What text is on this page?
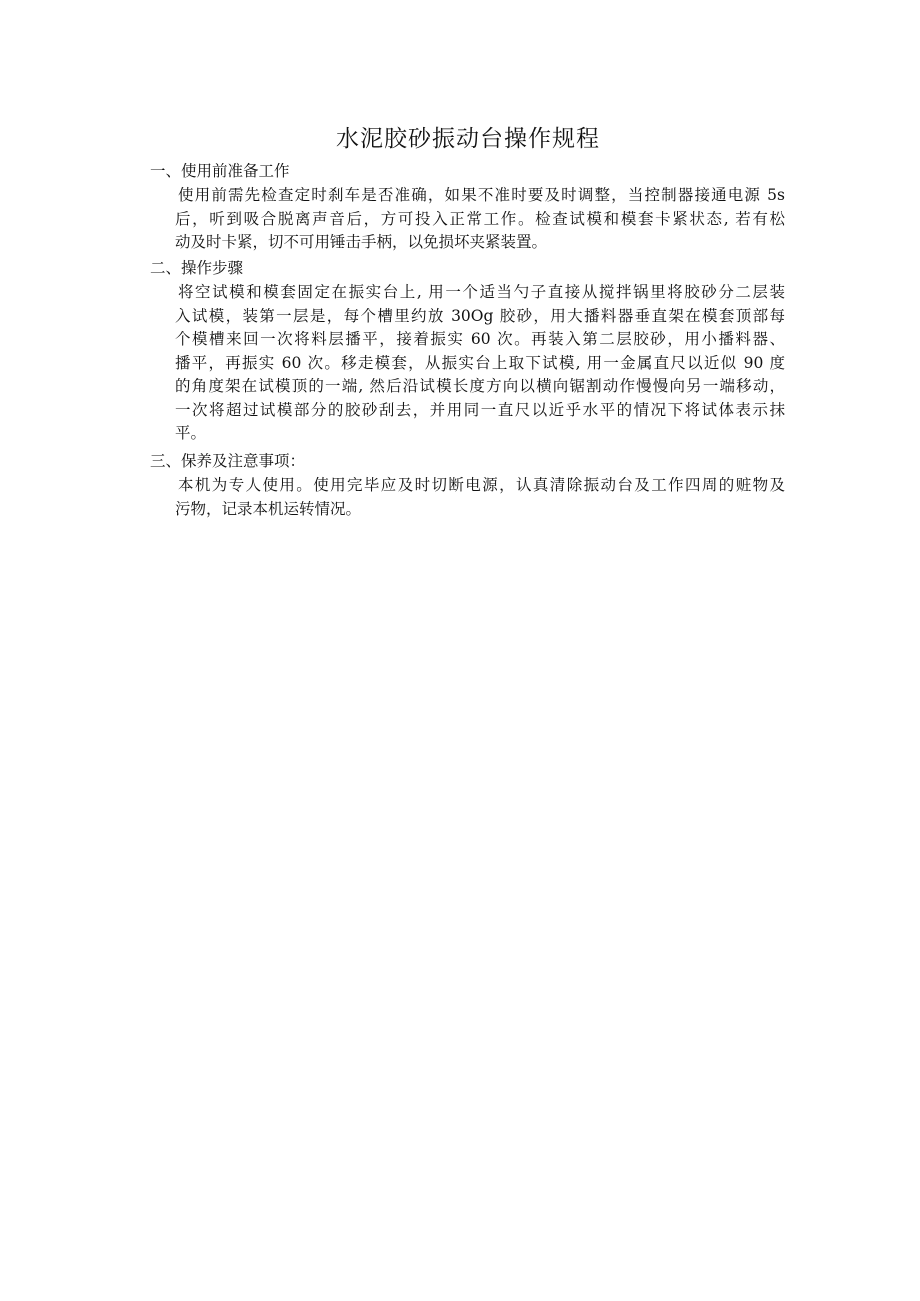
水泥胶砂振动台操作规程
一、使用前准备工作
使用前需先检查定时刹车是否准确，如果不准时要及时调整，当控制器接通电源 5s
后，听到吸合脱离声音后，方可投入正常工作。检查试模和模套卡紧状态, 若有松
动及时卡紧，切不可用锤击手柄，以免损坏夹紧装置。
二、操作步骤
将空试模和模套固定在振实台上, 用一个适当勺子直接从搅拌锅里将胶砂分二层装
入试模，装第一层是，每个槽里约放 30Og 胶砂，用大播料器垂直架在模套顶部每
个模槽来回一次将料层播平，接着振实 60 次。再装入第二层胶砂，用小播料器、
播平，再振实 60 次。移走模套，从振实台上取下试模, 用一金属直尺以近似 90 度
的角度架在试模顶的一端, 然后沿试模长度方向以横向锯割动作慢慢向另一端移动，
一次将超过试模部分的胶砂刮去，并用同一直尺以近乎水平的情况下将试体表示抹
平。
三、保养及注意事项：
本机为专人使用。使用完毕应及时切断电源，认真清除振动台及工作四周的赃物及
污物，记录本机运转情况。
